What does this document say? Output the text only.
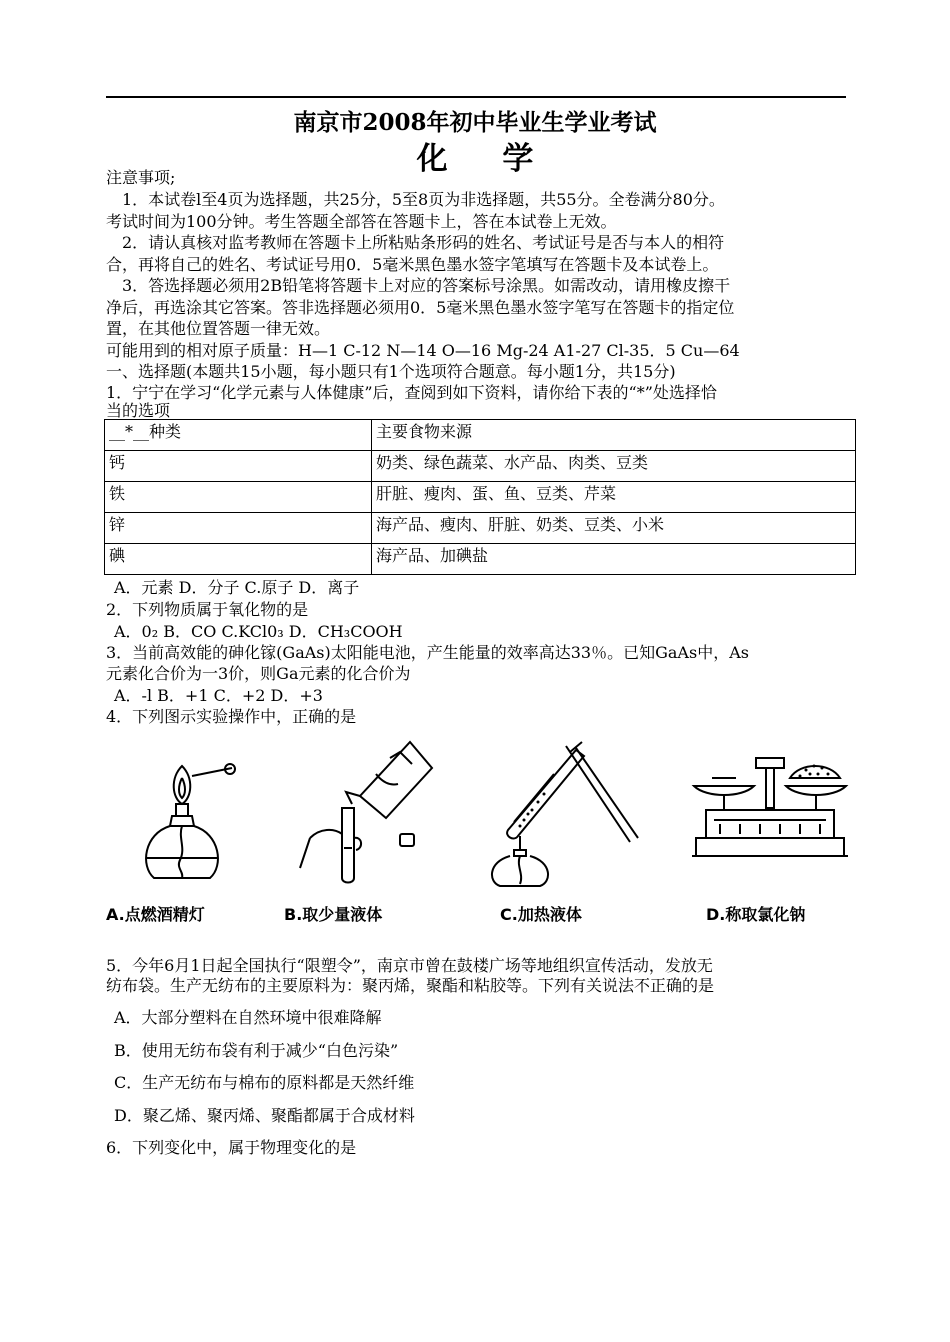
南京市2008年初中毕业生学业考试
化 学
注意事项;
1．本试卷l至4页为选择题，共25分，5至8页为非选择题，共55分。全卷满分80分。
考试时间为100分钟。考生答题全部答在答题卡上，答在本试卷上无效。
2．请认真核对监考教师在答题卡上所粘贴条形码的姓名、考试证号是否与本人的相符
合，再将自己的姓名、考试证号用0．5毫米黑色墨水签字笔填写在答题卡及本试卷上。
3．答选择题必须用2B铅笔将答题卡上对应的答案标号涂黑。如需改动，请用橡皮擦干
净后，再选涂其它答案。答非选择题必须用0．5毫米黑色墨水签字笔写在答题卡的指定位
置，在其他位置答题一律无效。
可能用到的相对原子质量：H—1 C-12 N—14 O—16 Mg-24 A1-27 Cl-35．5 Cu—64
一、选择题(本题共15小题，每小题只有1个选项符合题意。每小题1分，共15分)
1．宁宁在学习“化学元素与人体健康”后，查阅到如下资料，请你给下表的“*”处选择恰
当的选项
__*__种类	主要食物来源
钙	奶类、绿色蔬菜、水产品、肉类、豆类
铁	肝脏、瘦肉、蛋、鱼、豆类、芹菜
锌	海产品、瘦肉、肝脏、奶类、豆类、小米
碘	海产品、加碘盐
A．元素 D．分子 C.原子 D．离子
2．下列物质属于氧化物的是
A．0₂ B．CO C.KCl0₃ D．CH₃COOH
3．当前高效能的砷化镓(GaAs)太阳能电池，产生能量的效率高达33％。已知GaAs中，As
元素化合价为一3价，则Ga元素的化合价为
A．-l B．+1 C．+2 D．+3
4．下列图示实验操作中，正确的是
A.点燃酒精灯	B.取少量液体	C.加热液体	D.称取氯化钠
5．今年6月1日起全国执行“限塑令”，南京市曾在鼓楼广场等地组织宣传活动，发放无
纺布袋。生产无纺布的主要原料为：聚丙烯，聚酯和粘胶等。下列有关说法不正确的是
A．大部分塑料在自然环境中很难降解
B．使用无纺布袋有利于减少“白色污染”
C．生产无纺布与棉布的原料都是天然纤维
D．聚乙烯、聚丙烯、聚酯都属于合成材料
6．下列变化中，属于物理变化的是
